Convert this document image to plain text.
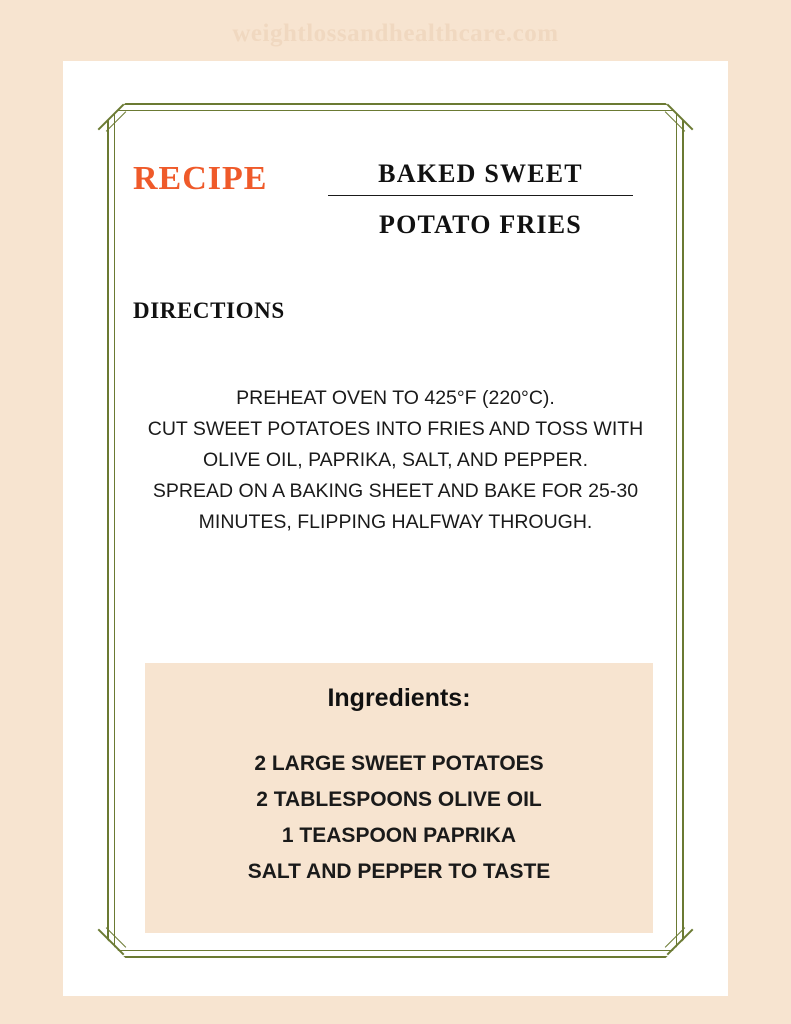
weightlossandhealthcare.com
RECIPE	BAKED SWEET
POTATO FRIES
DIRECTIONS
PREHEAT OVEN TO 425°F (220°C).
CUT SWEET POTATOES INTO FRIES AND TOSS WITH
OLIVE OIL, PAPRIKA, SALT, AND PEPPER.
SPREAD ON A BAKING SHEET AND BAKE FOR 25-30
MINUTES, FLIPPING HALFWAY THROUGH.
Ingredients:
2 LARGE SWEET POTATOES
2 TABLESPOONS OLIVE OIL
1 TEASPOON PAPRIKA
SALT AND PEPPER TO TASTE
